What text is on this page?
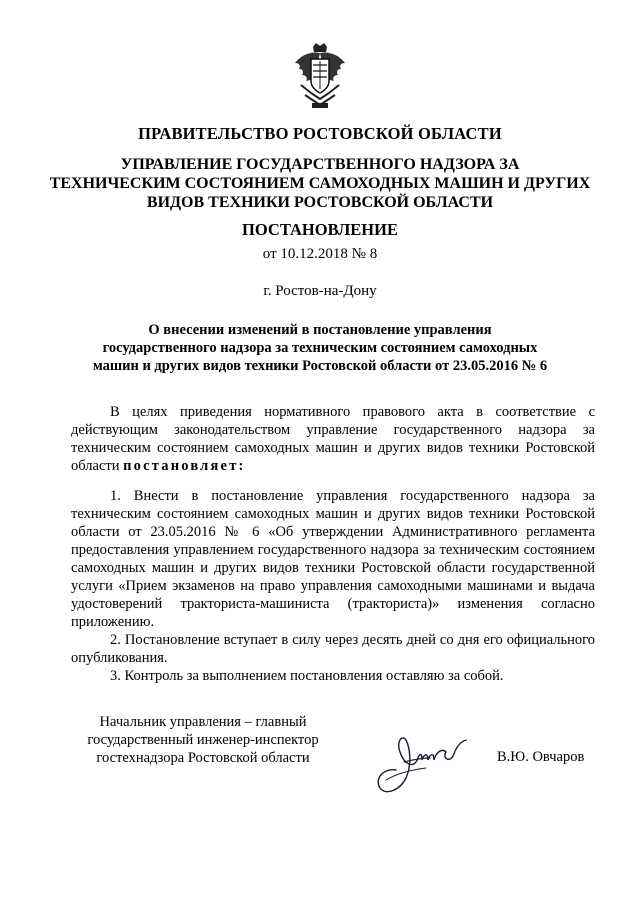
ПРАВИТЕЛЬСТВО РОСТОВСКОЙ ОБЛАСТИ
УПРАВЛЕНИЕ ГОСУДАРСТВЕННОГО НАДЗОРА ЗА
ТЕХНИЧЕСКИМ СОСТОЯНИЕМ САМОХОДНЫХ МАШИН И ДРУГИХ
ВИДОВ ТЕХНИКИ РОСТОВСКОЙ ОБЛАСТИ
ПОСТАНОВЛЕНИЕ
от 10.12.2018 № 8
г. Ростов-на-Дону
О внесении изменений в постановление управления
государственного надзора за техническим состоянием самоходных
машин и других видов техники Ростовской области от 23.05.2016 № 6
В целях приведения нормативного правового акта в соответствие с действующим законодательством управление государственного надзора за техническим состоянием самоходных машин и других видов техники Ростовской области постановляет:

1. Внести в постановление управления государственного надзора за техническим состоянием самоходных машин и других видов техники Ростовской области от 23.05.2016 № 6 «Об утверждении Административного регламента предоставления управлением государственного надзора за техническим состоянием самоходных машин и других видов техники Ростовской области государственной услуги «Прием экзаменов на право управления самоходными машинами и выдача удостоверений тракториста-машиниста (тракториста)» изменения согласно приложению.

2. Постановление вступает в силу через десять дней со дня его официального опубликования.

3. Контроль за выполнением постановления оставляю за собой.

Начальник управления – главный
государственный инженер-инспектор
гостехнадзора Ростовской области	В.Ю. Овчаров
